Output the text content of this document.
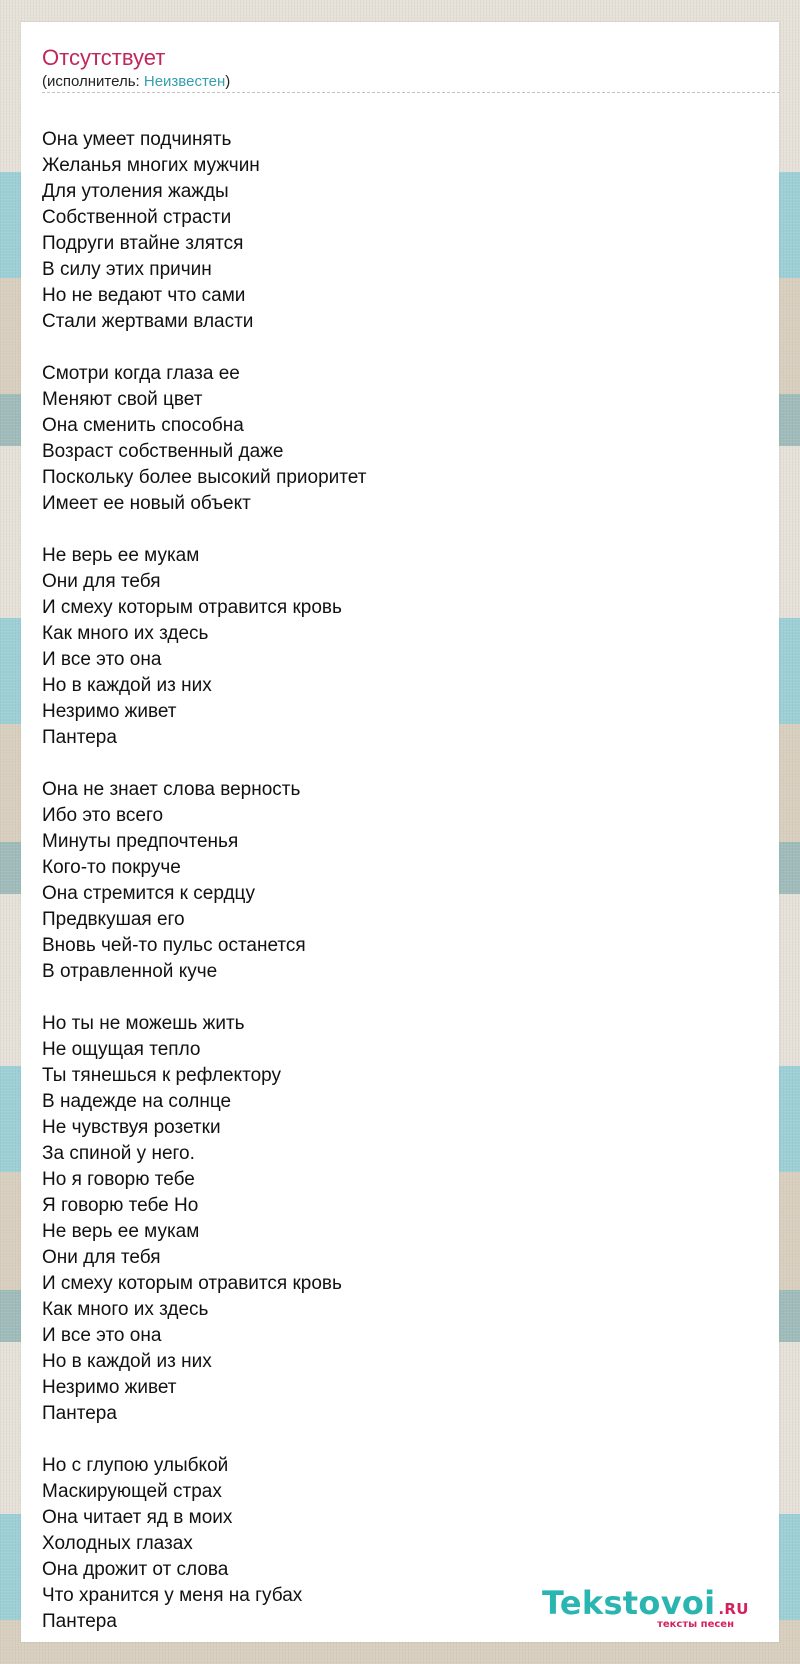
Отсутствует
(исполнитель: Неизвестен)
Она умеет подчинять
Желанья многих мужчин
Для утоления жажды
Собственной страсти
Подруги втайне злятся
В силу этих причин
Но не ведают что сами
Стали жертвами власти
Смотри когда глаза ее
Меняют свой цвет
Она сменить способна
Возраст собственный даже
Поскольку более высокий приоритет
Имеет ее новый объект
Не верь ее мукам
Они для тебя
И смеху которым отравится кровь
Как много их здесь
И все это она
Но в каждой из них
Незримо живет
Пантера
Она не знает слова верность
Ибо это всего
Минуты предпочтенья
Кого-то покруче
Она стремится к сердцу
Предвкушая его
Вновь чей-то пульс останется
В отравленной куче
Но ты не можешь жить
Не ощущая тепло
Ты тянешься к рефлектору
В надежде на солнце
Не чувствуя розетки
За спиной у него.
Но я говорю тебе
Я говорю тебе Но
Не верь ее мукам
Они для тебя
И смеху которым отравится кровь
Как много их здесь
И все это она
Но в каждой из них
Незримо живет
Пантера
Но с глупою улыбкой
Маскирующей страх
Она читает яд в моих
Холодных глазах
Она дрожит от слова
Что хранится у меня на губах
Пантера	Tekstovoi .RU
тексты песен
